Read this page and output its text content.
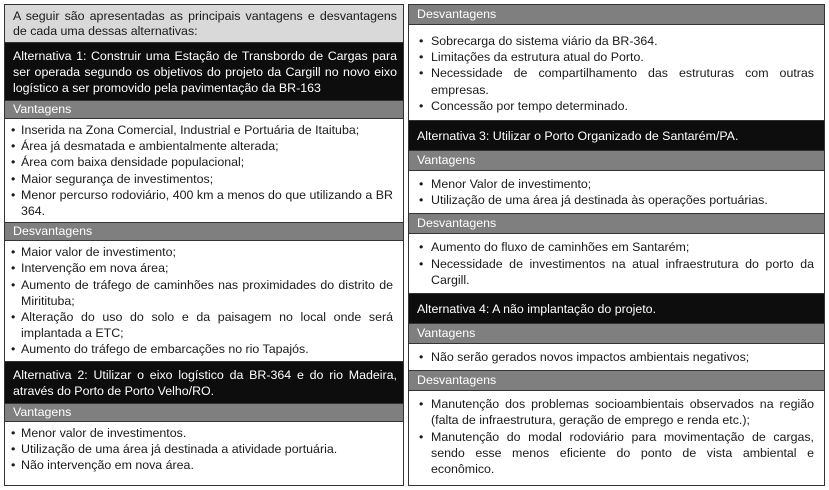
A seguir são apresentadas as principais vantagens e desvantagens de cada uma dessas alternativas:
Alternativa 1: Construir uma Estação de Transbordo de Cargas para ser operada segundo os objetivos do projeto da Cargill no novo eixo logístico a ser promovido pela pavimentação da BR-163
Vantagens
• Inserida na Zona Comercial, Industrial e Portuária de Itaituba;
• Área já desmatada e ambientalmente alterada;
• Área com baixa densidade populacional;
• Maior segurança de investimentos;
• Menor percurso rodoviário, 400 km a menos do que utilizando a BR 364.
Desvantagens
• Maior valor de investimento;
• Intervenção em nova área;
• Aumento de tráfego de caminhões nas proximidades do distrito de Miritituba;
• Alteração do uso do solo e da paisagem no local onde será implantada a ETC;
• Aumento do tráfego de embarcações no rio Tapajós.
Alternativa 2: Utilizar o eixo logístico da BR-364 e do rio Madeira, através do Porto de Porto Velho/RO.
Vantagens
• Menor valor de investimentos.
• Utilização de uma área já destinada a atividade portuária.
• Não intervenção em nova área.
Desvantagens
• Sobrecarga do sistema viário da BR-364.
• Limitações da estrutura atual do Porto.
• Necessidade de compartilhamento das estruturas com outras empresas.
• Concessão por tempo determinado.
Alternativa 3: Utilizar o Porto Organizado de Santarém/PA.
Vantagens
• Menor Valor de investimento;
• Utilização de uma área já destinada às operações portuárias.
Desvantagens
• Aumento do fluxo de caminhões em Santarém;
• Necessidade de investimentos na atual infraestrutura do porto da Cargill.
Alternativa 4: A não implantação do projeto.
Vantagens
• Não serão gerados novos impactos ambientais negativos;
Desvantagens
• Manutenção dos problemas socioambientais observados na região (falta de infraestrutura, geração de emprego e renda etc.);
• Manutenção do modal rodoviário para movimentação de cargas, sendo esse menos eficiente do ponto de vista ambiental e econômico.
